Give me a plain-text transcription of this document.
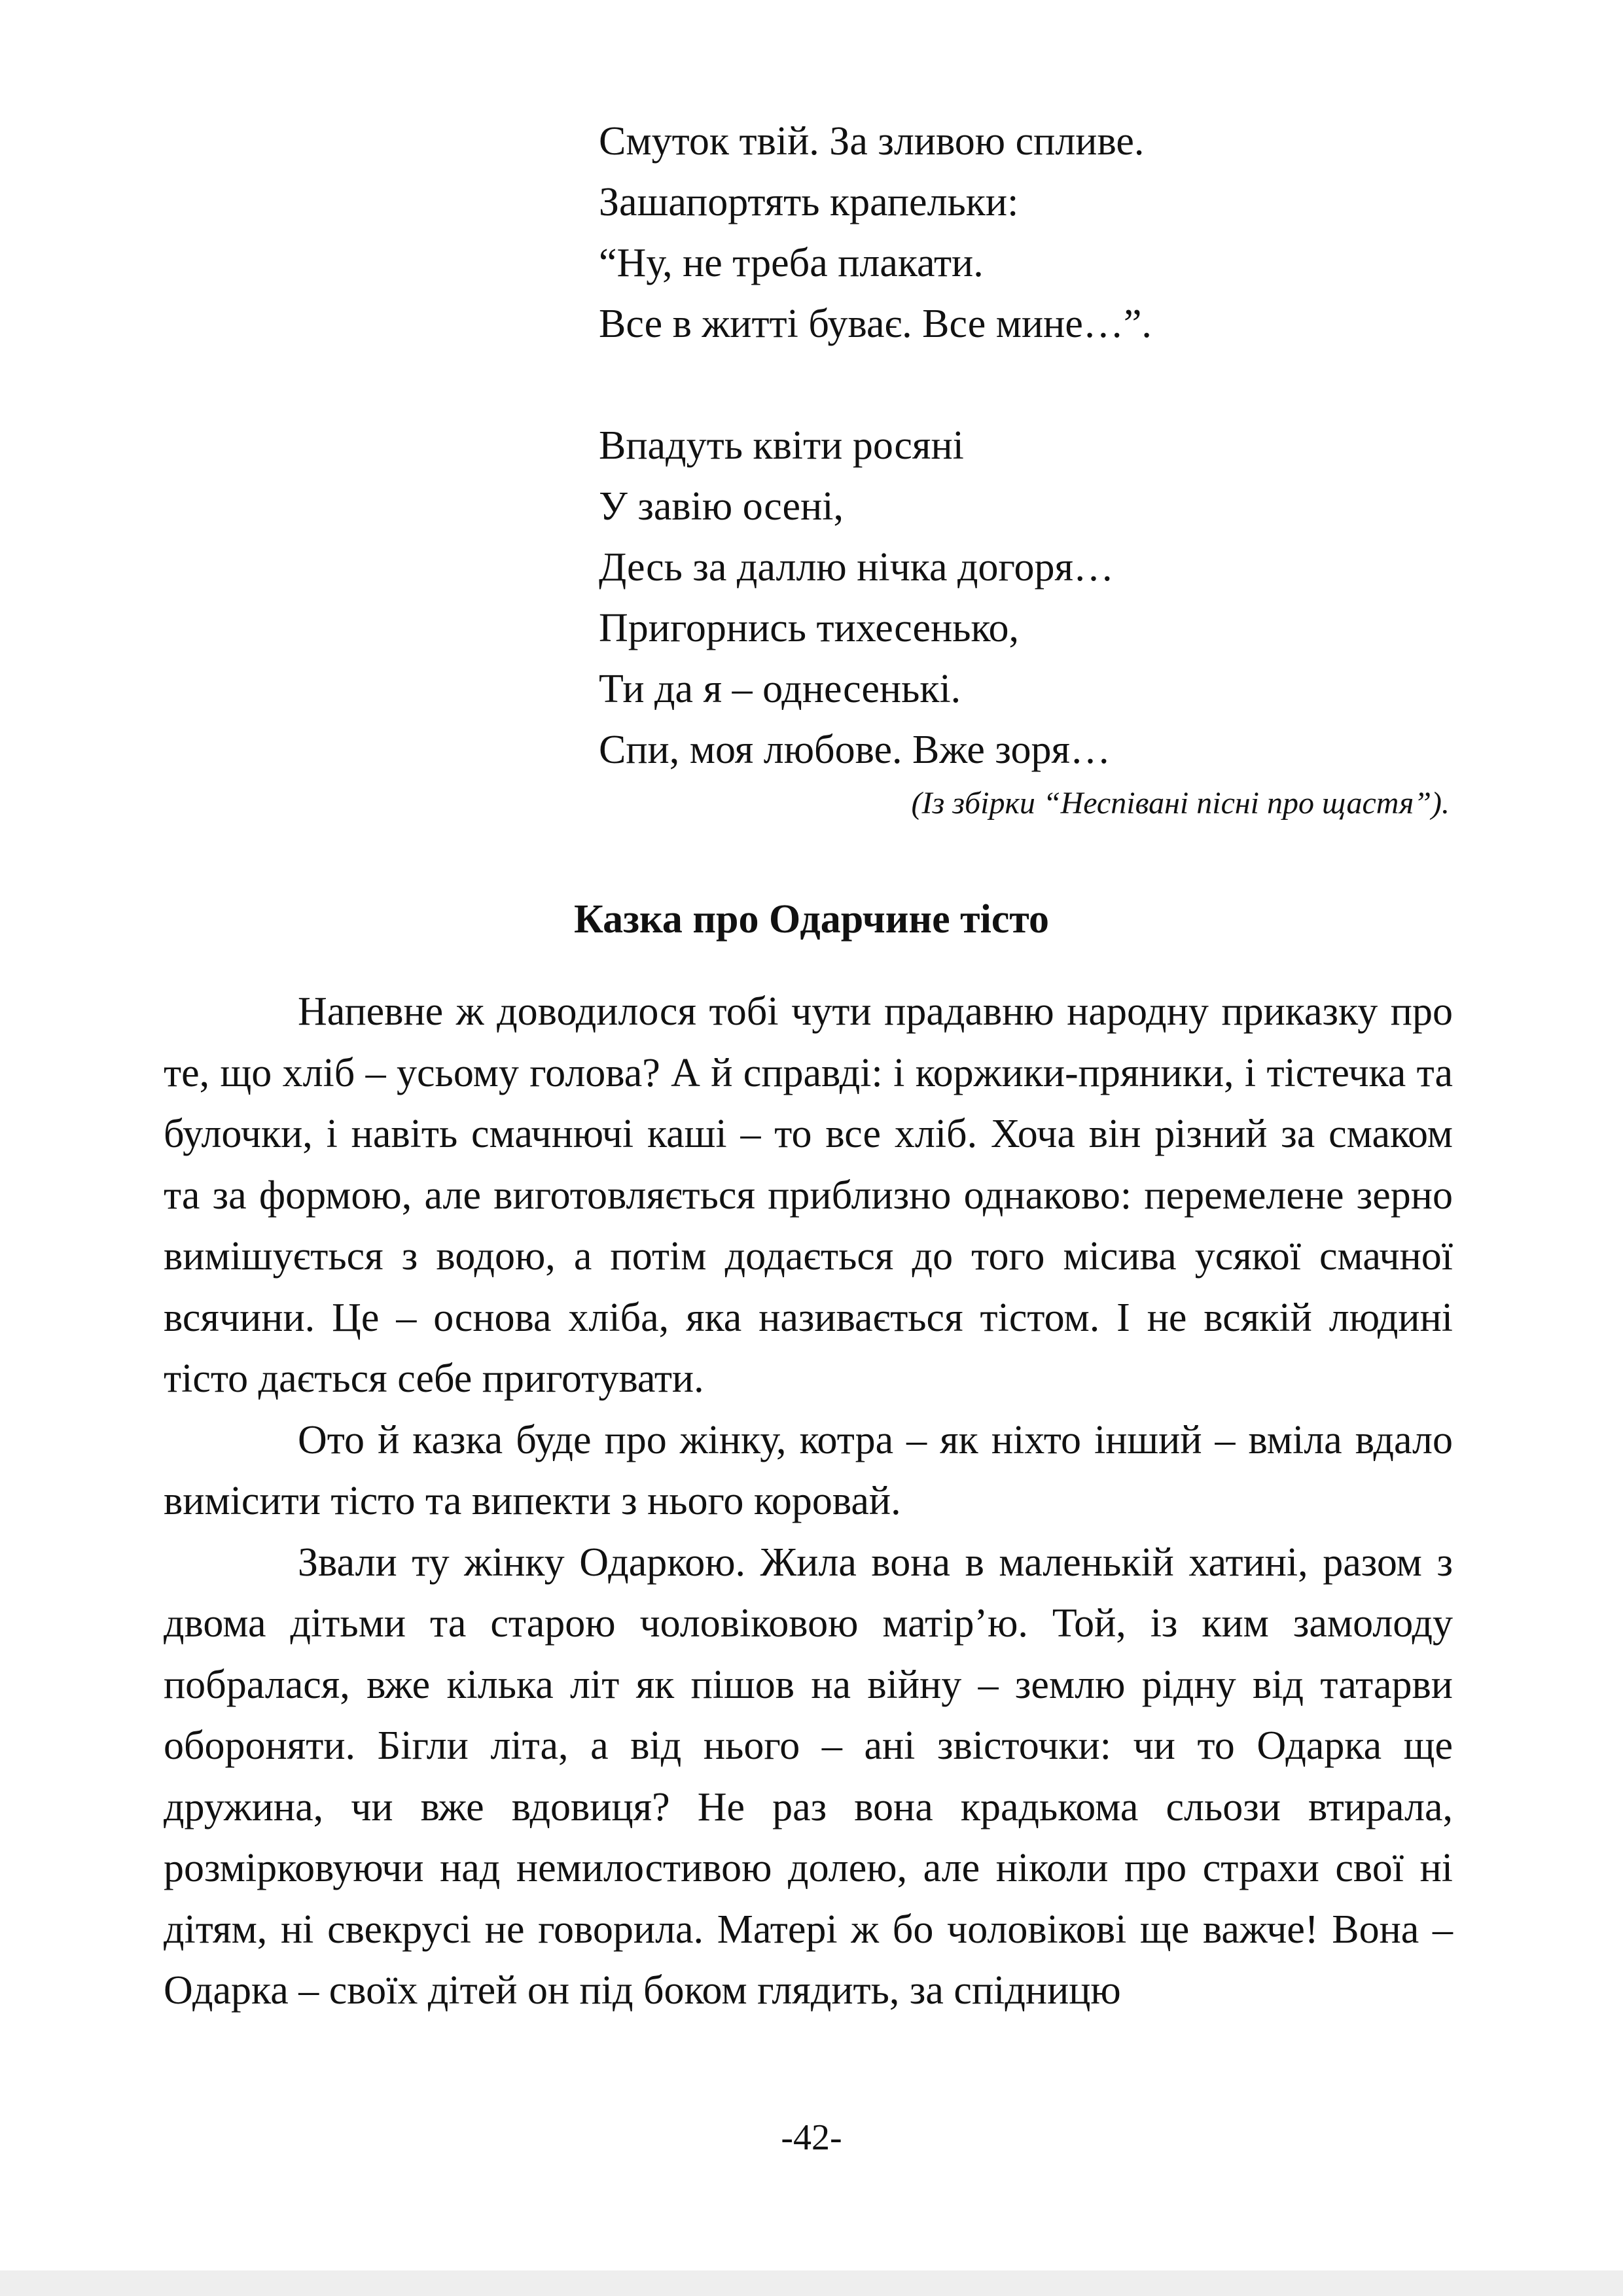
Смуток твій. За зливою спливе.
Зашапортять крапельки:
“Ну, не треба плакати.
Все в житті буває. Все мине…”.
Впадуть квіти росяні
У завію осені,
Десь за даллю нічка догоря…
Пригорнись тихесенько,
Ти да я – однесенькі.
Спи, моя любове. Вже зоря…
(Із збірки “Неспівані пісні про щастя”).
Казка про Одарчине тісто

Напевне ж доводилося тобі чути прадавню народну приказку про те, що хліб – усьому голова? А й справді: і коржики-пряники, і тістечка та булочки, і навіть смачнючі каші – то все хліб. Хоча він різний за смаком та за формою, але виготовляється приблизно однаково: перемелене зерно вимішується з водою, а потім додається до того місива усякої смачної всячини. Це – основа хліба, яка називається тістом. І не всякій людині тісто дається себе приготувати.

Ото й казка буде про жінку, котра – як ніхто інший – вміла вдало вимісити тісто та випекти з нього коровай.

Звали ту жінку Одаркою. Жила вона в маленькій хатині, разом з двома дітьми та старою чоловіковою матір’ю. Той, із ким замолоду побралася, вже кілька літ як пішов на війну – землю рідну від татарви обороняти. Бігли літа, а від нього – ані звісточки: чи то Одарка ще дружина, чи вже вдовиця? Не раз вона крадькома сльози втирала, розмірковуючи над немилостивою долею, але ніколи про страхи свої ні дітям, ні свекрусі не говорила. Матері ж бо чоловікові ще важче! Вона – Одарка – своїх дітей он під боком глядить, за спідницю

-42-
